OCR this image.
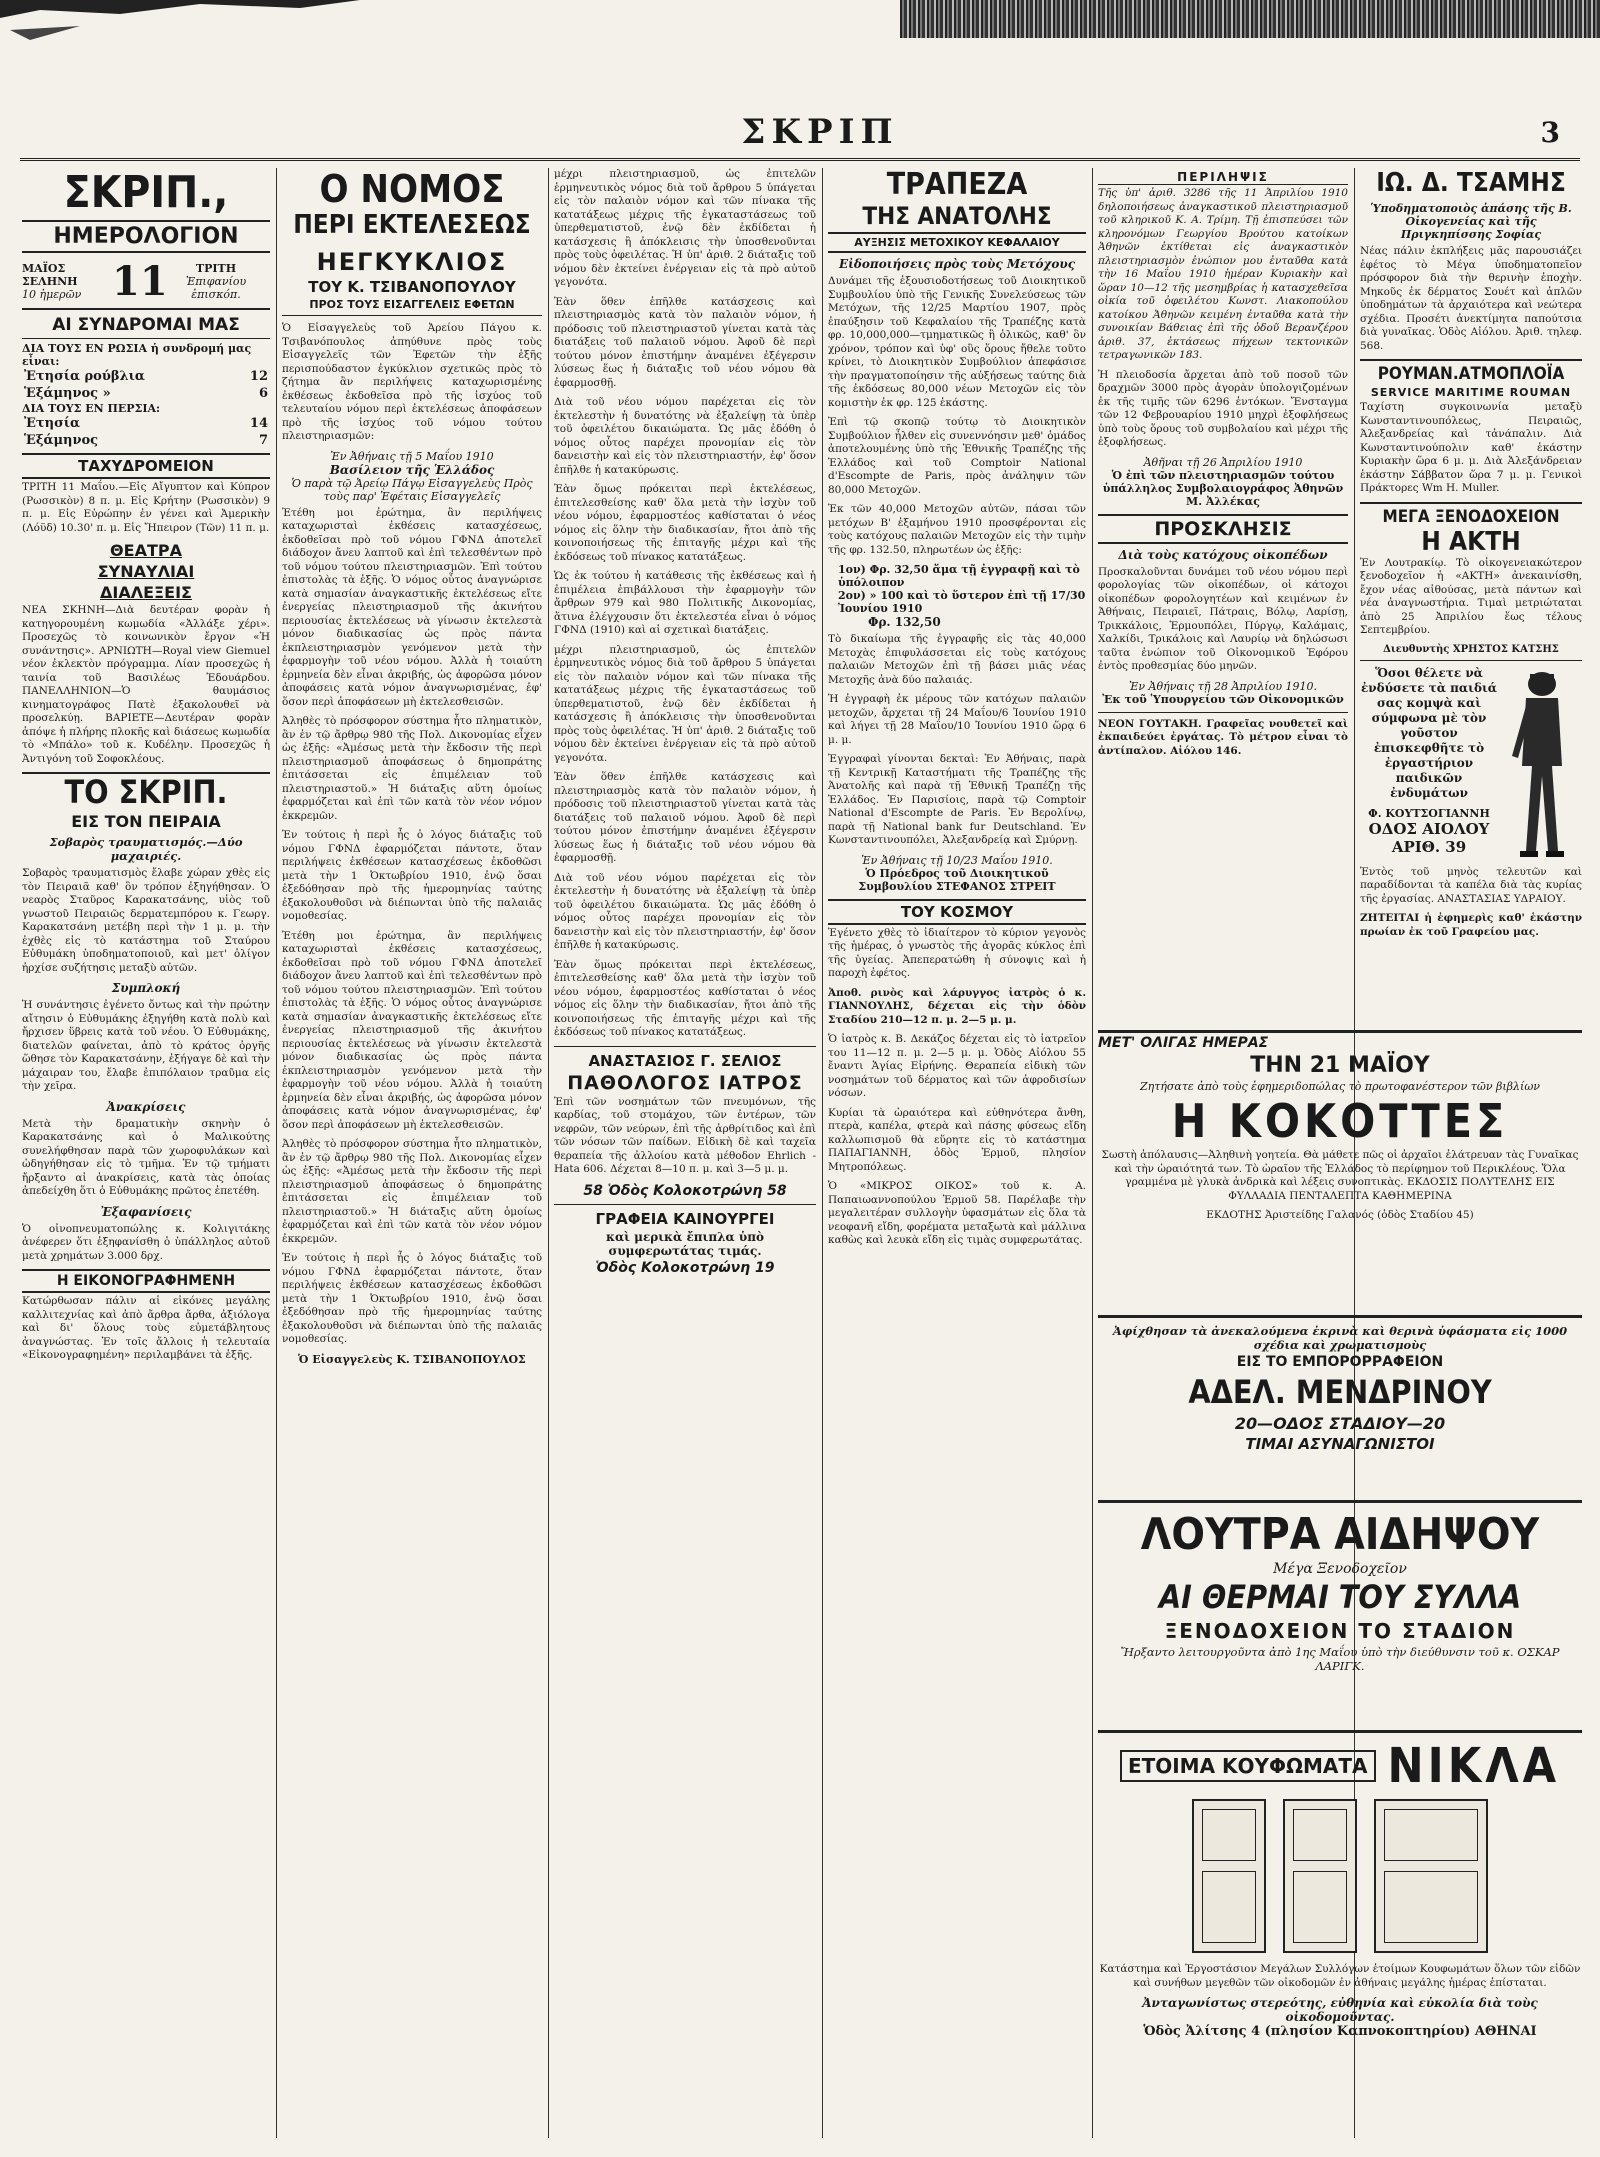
ΣΚΡΙΠ	3
ΣΚΡΙΠ.,
ΗΜΕΡΟΛΟΓΙΟΝ
ΜΑΪΟΣ
ΣΕΛΗΝΗ
10 ἡμερῶν 11	ΤΡΙΤΗ
Ἐπιφανίου ἐπισκόπ.
ΑΙ ΣΥΝΔΡΟΜΑΙ ΜΑΣ
ΔΙΑ ΤΟΥΣ ΕΝ ΡΩΣΙΑ ἡ συνδρομή μας εἶναι:
Ἐτησία ρούβλια	12
Ἑξάμηνος »	6
ΔΙΑ ΤΟΥΣ ΕΝ ΠΕΡΣΙΑ:
Ἐτησία	14
Ἑξάμηνος	7
ΤΑΧΥΔΡΟΜΕΙΟΝ

ΤΡΙΤΗ 11 Μαΐου.—Εἰς Αἴγυπτον καὶ Κύπρον (Ρωσσικὸν) 8 π. μ. Εἰς Κρήτην (Ρωσσικὸν) 9 π. μ. Εἰς Εὐρώπην ἐν γένει καὶ Ἀμερικὴν (Λόϋδ) 10.30' π. μ. Εἰς Ἤπειρον (Τῶν) 11 π. μ.

ΘΕΑΤΡΑ
ΣΥΝΑΥΛΙΑΙ
ΔΙΑΛΕΞΕΙΣ

ΝΕΑ ΣΚΗΝΗ—Διὰ δευτέραν φορὰν ἡ κατηγορουμένη κωμωδία «Ἀλλάξε χέρι». Προσεχῶς τὸ κοινωνικὸν ἔργον «Ἡ συνάντησις». ΑΡΝΙΩΤΗ—Royal view Giemuel νέον ἐκλεκτὸν πρόγραμμα. Λίαν προσεχῶς ἡ ταινία τοῦ Βασιλέως Ἐδουάρδου. ΠΑΝΕΛΛΗΝΙΟΝ—Ὁ θαυμάσιος κινηματογράφος Πατὲ ἐξακολουθεῖ νὰ προσελκύῃ. ΒΑΡΙΕΤΕ—Δευτέραν φορὰν ἀπόψε ἡ πλήρης πλοκῆς καὶ διάσεως κωμωδία τὸ «Μπάλο» τοῦ κ. Κυδέλην. Προσεχῶς ἡ Ἀντιγόνη τοῦ Σοφοκλέους.

ΤΟ ΣΚΡΙΠ.
ΕΙΣ ΤΟΝ ΠΕΙΡΑΙΑ
Σοβαρὸς τραυματισμός.—Δύο μαχαιριές.

Σοβαρὸς τραυματισμὸς ἔλαβε χώραν χθὲς εἰς τὸν Πειραιᾶ καθ' ὃν τρόπον ἐξηγήθησαν. Ὁ νεαρὸς Σταῦρος Καρακατσάνης, υἱὸς τοῦ γνωστοῦ Πειραιῶς δερματεμπόρου κ. Γεωργ. Καρακατσάνη μετέβη περὶ τὴν 1 μ. μ. τὴν ἐχθὲς εἰς τὸ κατάστημα τοῦ Σταύρου Εὐθυμάκη ὑποδηματοποιοῦ, καὶ μετ' ὀλίγον ἠρχίσε συζήτησις μεταξὺ αὐτῶν.

Συμπλοκή

Ἡ συνάντησις ἐγένετο ὄντως καὶ τὴν πρώτην αἴτησιν ὁ Εὐθυμάκης ἐξηγήθη κατὰ πολὺ καὶ ἤρχισεν ὕβρεις κατὰ τοῦ νέου. Ὁ Εὐθυμάκης, διατελῶν φαίνεται, ἀπὸ τὸ κράτος ὀργῆς ὥθησε τὸν Καρακατσάνην, ἐξήγαγε δὲ καὶ τὴν μάχαιραν του, ἔλαβε ἐπιπόλαιον τραῦμα εἰς τὴν χεῖρα.

Ἀνακρίσεις

Μετὰ τὴν δραματικὴν σκηνὴν ὁ Καρακατσάνης καὶ ὁ Μαλικούτης συνελήφθησαν παρὰ τῶν χωροφυλάκων καὶ ὡδηγήθησαν εἰς τὸ τμῆμα. Ἐν τῷ τμήματι ἤρξαντο αἱ ἀνακρίσεις, κατὰ τὰς ὁποίας ἀπεδείχθη ὅτι ὁ Εὐθυμάκης πρῶτος ἐπετέθη.

Ἐξαφανίσεις

Ὁ οἰνοπνευματοπώλης κ. Κολιγιτάκης ἀνέφερεν ὅτι ἐξηφανίσθη ὁ ὑπάλληλος αὐτοῦ μετὰ χρημάτων 3.000 δρχ.

Η ΕΙΚΟΝΟΓΡΑΦΗΜΕΝΗ

Κατώρθωσαν πάλιν αἱ εἰκόνες μεγάλης καλλιτεχνίας καὶ ἀπὸ ἄρθρα ἄρθα, ἀξιόλογα καὶ δι' ὅλους τοὺς εὐμετάβλητους ἀναγνώστας. Ἐν τοῖς ἄλλοις ἡ τελευταία «Εἰκονογραφημένη» περιλαμβάνει τὰ ἑξῆς.

Ο ΝΟΜΟΣ
ΠΕΡΙ ΕΚΤΕΛΕΣΕΩΣ
ΗΕΓΚΥΚΛΙΟΣ
ΤΟΥ Κ. ΤΣΙΒΑΝΟΠΟΥΛΟΥ
ΠΡΟΣ ΤΟΥΣ ΕΙΣΑΓΓΕΛΕΙΣ ΕΦΕΤΩΝ

Ὁ Εἰσαγγελεὺς τοῦ Ἀρείου Πάγου κ. Τσιβανόπουλος ἀπηύθυνε πρὸς τοὺς Εἰσαγγελεῖς τῶν Ἐφετῶν τὴν ἑξῆς περισπούδαστον ἐγκύκλιον σχετικῶς πρὸς τὸ ζήτημα ἂν περιλήψεις καταχωρισμένης ἐκθέσεως ἐκδοθεῖσα πρὸ τῆς ἰσχύος τοῦ τελευταίου νόμου περὶ ἐκτελέσεως ἀποφάσεων πρὸ τῆς ἰσχύος τοῦ νόμου τούτου πλειστηριασμῶν:

Ἐν Ἀθήναις τῇ 5 Μαΐου 1910
Βασίλειον τῆς Ἑλλάδος
Ὁ παρὰ τῷ Ἀρείῳ Πάγῳ Εἰσαγγελεὺς Πρὸς τοὺς παρ' Ἐφέταις Εἰσαγγελεῖς

Ἐτέθη μοι ἐρώτημα, ἂν περιλήψεις καταχωρισταὶ ἐκθέσεις κατασχέσεως, ἐκδοθεῖσαι πρὸ τοῦ νόμου ΓΦΝΔ ἀποτελεῖ διάδοχον ἄνευ λαπτοῦ καὶ ἐπὶ τελεσθέντων πρὸ τοῦ νόμου τούτου πλειστηριασμῶν. Ἐπὶ τούτου ἐπιστολὰς τὰ ἑξῆς. Ὁ νόμος οὗτος ἀναγνώρισε κατὰ σημασίαν ἀναγκαστικῆς ἐκτελέσεως εἴτε ἐνεργείας πλειστηριασμοῦ τῆς ἀκινήτου περιουσίας ἐκτελέσεως νὰ γίνωσιν ἐκτελεστὰ μόνον διαδικασίας ὡς πρὸς πάντα ἐκπλειστηριασμὸν γενόμενον μετὰ τὴν ἐφαρμογὴν τοῦ νέου νόμου. Ἀλλὰ ἡ τοιαύτη ἑρμηνεία δὲν εἶναι ἀκριβής, ὡς ἀφορῶσα μόνον ἀποφάσεις κατὰ νόμον ἀναγνωρισμένας, ἐφ' ὅσον περὶ ἀποφάσεων μὴ ἐκτελεσθεισῶν.

Ἀληθὲς τὸ πρόσφορον σύστημα ἦτο πληματικὸν, ἂν ἐν τῷ ἄρθρῳ 980 τῆς Πολ. Δικονομίας εἶχεν ὡς ἑξῆς: «Ἀμέσως μετὰ τὴν ἔκδοσιν τῆς περὶ πλειστηριασμοῦ ἀποφάσεως ὁ δημοπράτης ἐπιτάσσεται εἰς ἐπιμέλειαν τοῦ πλειστηριαστοῦ.» Ἡ διάταξις αὕτη ὁμοίως ἐφαρμόζεται καὶ ἐπὶ τῶν κατὰ τὸν νέον νόμον ἐκκρεμῶν.

Ἐν τούτοις ἡ περὶ ἧς ὁ λόγος διάταξις τοῦ νόμου ΓΦΝΔ ἐφαρμόζεται πάντοτε, ὅταν περιλήψεις ἐκθέσεων κατασχέσεως ἐκδοθῶσι μετὰ τὴν 1 Ὀκτωβρίου 1910, ἐνῷ ὅσαι ἐξεδόθησαν πρὸ τῆς ἡμερομηνίας ταύτης ἐξακολουθοῦσι νὰ διέπωνται ὑπὸ τῆς παλαιᾶς νομοθεσίας.

Ἐτέθη μοι ἐρώτημα, ἂν περιλήψεις καταχωρισταὶ ἐκθέσεις κατασχέσεως, ἐκδοθεῖσαι πρὸ τοῦ νόμου ΓΦΝΔ ἀποτελεῖ διάδοχον ἄνευ λαπτοῦ καὶ ἐπὶ τελεσθέντων πρὸ τοῦ νόμου τούτου πλειστηριασμῶν. Ἐπὶ τούτου ἐπιστολὰς τὰ ἑξῆς. Ὁ νόμος οὗτος ἀναγνώρισε κατὰ σημασίαν ἀναγκαστικῆς ἐκτελέσεως εἴτε ἐνεργείας πλειστηριασμοῦ τῆς ἀκινήτου περιουσίας ἐκτελέσεως νὰ γίνωσιν ἐκτελεστὰ μόνον διαδικασίας ὡς πρὸς πάντα ἐκπλειστηριασμὸν γενόμενον μετὰ τὴν ἐφαρμογὴν τοῦ νέου νόμου. Ἀλλὰ ἡ τοιαύτη ἑρμηνεία δὲν εἶναι ἀκριβής, ὡς ἀφορῶσα μόνον ἀποφάσεις κατὰ νόμον ἀναγνωρισμένας, ἐφ' ὅσον περὶ ἀποφάσεων μὴ ἐκτελεσθεισῶν.

Ἀληθὲς τὸ πρόσφορον σύστημα ἦτο πληματικὸν, ἂν ἐν τῷ ἄρθρῳ 980 τῆς Πολ. Δικονομίας εἶχεν ὡς ἑξῆς: «Ἀμέσως μετὰ τὴν ἔκδοσιν τῆς περὶ πλειστηριασμοῦ ἀποφάσεως ὁ δημοπράτης ἐπιτάσσεται εἰς ἐπιμέλειαν τοῦ πλειστηριαστοῦ.» Ἡ διάταξις αὕτη ὁμοίως ἐφαρμόζεται καὶ ἐπὶ τῶν κατὰ τὸν νέον νόμον ἐκκρεμῶν.

Ἐν τούτοις ἡ περὶ ἧς ὁ λόγος διάταξις τοῦ νόμου ΓΦΝΔ ἐφαρμόζεται πάντοτε, ὅταν περιλήψεις ἐκθέσεων κατασχέσεως ἐκδοθῶσι μετὰ τὴν 1 Ὀκτωβρίου 1910, ἐνῷ ὅσαι ἐξεδόθησαν πρὸ τῆς ἡμερομηνίας ταύτης ἐξακολουθοῦσι νὰ διέπωνται ὑπὸ τῆς παλαιᾶς νομοθεσίας.

Ὁ Εἰσαγγελεὺς Κ. ΤΣΙΒΑΝΟΠΟΥΛΟΣ

μέχρι πλειστηριασμοῦ, ὡς ἐπιτελῶν ἑρμηνευτικὸς νόμος διὰ τοῦ ἄρθρου 5 ὑπάγεται εἰς τὸν παλαιὸν νόμον καὶ τῶν πίνακα τῆς κατατάξεως μέχρις τῆς ἐγκαταστάσεως τοῦ ὑπερθεματιστοῦ, ἐνῷ δὲν ἐκδίδεται ἡ κατάσχεσις ἢ ἀπόκλεισις τὴν ὑποσθενοῦνται πρὸς τοὺς ὀφειλέτας. Ἡ ὑπ' ἀριθ. 2 διάταξις τοῦ νόμου δὲν ἐκτείνει ἐνέργειαν εἰς τὰ πρὸ αὐτοῦ γεγονότα.

Ἐὰν ὅθεν ἐπῆλθε κατάσχεσις καὶ πλειστηριασμὸς κατὰ τὸν παλαιὸν νόμον, ἡ πρόδοσις τοῦ πλειστηριαστοῦ γίνεται κατὰ τὰς διατάξεις τοῦ παλαιοῦ νόμου. Ἀφοῦ δὲ περὶ τούτου μόνον ἐπιστήμην ἀναμένει ἐξέγερσιν λύσεως ἕως ἡ διάταξις τοῦ νέου νόμου θὰ ἐφαρμοσθῇ.

Διὰ τοῦ νέου νόμου παρέχεται εἰς τὸν ἐκτελεστὴν ἡ δυνατότης νὰ ἐξαλείψῃ τὰ ὑπὲρ τοῦ ὀφειλέτου δικαιώματα. Ὡς μᾶς ἐδόθη ὁ νόμος οὗτος παρέχει προνομίαν εἰς τὸν δανειστὴν καὶ εἰς τὸν πλειστηριαστήν, ἐφ' ὅσον ἐπῆλθε ἡ κατακύρωσις.

Ἐὰν ὅμως πρόκειται περὶ ἐκτελέσεως, ἐπιτελεσθείσης καθ' ὅλα μετὰ τὴν ἰσχὺν τοῦ νέου νόμου, ἐφαρμοστέος καθίσταται ὁ νέος νόμος εἰς ὅλην τὴν διαδικασίαν, ἤτοι ἀπὸ τῆς κοινοποιήσεως τῆς ἐπιταγῆς μέχρι καὶ τῆς ἐκδόσεως τοῦ πίνακος κατατάξεως.

Ὡς ἐκ τούτου ἡ κατάθεσις τῆς ἐκθέσεως καὶ ἡ ἐπιμέλεια ἐπιβάλλουσι τὴν ἐφαρμογὴν τῶν ἄρθρων 979 καὶ 980 Πολιτικῆς Δικονομίας, ἅτινα ἐλέγχουσιν ὅτι ἐκτελεστέα εἶναι ὁ νόμος ΓΦΝΔ (1910) καὶ αἱ σχετικαὶ διατάξεις.

μέχρι πλειστηριασμοῦ, ὡς ἐπιτελῶν ἑρμηνευτικὸς νόμος διὰ τοῦ ἄρθρου 5 ὑπάγεται εἰς τὸν παλαιὸν νόμον καὶ τῶν πίνακα τῆς κατατάξεως μέχρις τῆς ἐγκαταστάσεως τοῦ ὑπερθεματιστοῦ, ἐνῷ δὲν ἐκδίδεται ἡ κατάσχεσις ἢ ἀπόκλεισις τὴν ὑποσθενοῦνται πρὸς τοὺς ὀφειλέτας. Ἡ ὑπ' ἀριθ. 2 διάταξις τοῦ νόμου δὲν ἐκτείνει ἐνέργειαν εἰς τὰ πρὸ αὐτοῦ γεγονότα.

Ἐὰν ὅθεν ἐπῆλθε κατάσχεσις καὶ πλειστηριασμὸς κατὰ τὸν παλαιὸν νόμον, ἡ πρόδοσις τοῦ πλειστηριαστοῦ γίνεται κατὰ τὰς διατάξεις τοῦ παλαιοῦ νόμου. Ἀφοῦ δὲ περὶ τούτου μόνον ἐπιστήμην ἀναμένει ἐξέγερσιν λύσεως ἕως ἡ διάταξις τοῦ νέου νόμου θὰ ἐφαρμοσθῇ.

Διὰ τοῦ νέου νόμου παρέχεται εἰς τὸν ἐκτελεστὴν ἡ δυνατότης νὰ ἐξαλείψῃ τὰ ὑπὲρ τοῦ ὀφειλέτου δικαιώματα. Ὡς μᾶς ἐδόθη ὁ νόμος οὗτος παρέχει προνομίαν εἰς τὸν δανειστὴν καὶ εἰς τὸν πλειστηριαστήν, ἐφ' ὅσον ἐπῆλθε ἡ κατακύρωσις.

Ἐὰν ὅμως πρόκειται περὶ ἐκτελέσεως, ἐπιτελεσθείσης καθ' ὅλα μετὰ τὴν ἰσχὺν τοῦ νέου νόμου, ἐφαρμοστέος καθίσταται ὁ νέος νόμος εἰς ὅλην τὴν διαδικασίαν, ἤτοι ἀπὸ τῆς κοινοποιήσεως τῆς ἐπιταγῆς μέχρι καὶ τῆς ἐκδόσεως τοῦ πίνακος κατατάξεως.

ΑΝΑΣΤΑΣΙΟΣ Γ. ΣΕΛΙΟΣ
ΠΑΘΟΛΟΓΟΣ ΙΑΤΡΟΣ

Ἐπὶ τῶν νοσημάτων τῶν πνευμόνων, τῆς καρδίας, τοῦ στομάχου, τῶν ἐντέρων, τῶν νεφρῶν, τῶν νεύρων, ἐπὶ τῆς ἀρθρίτιδος καὶ ἐπὶ τῶν νόσων τῶν παίδων. Εἰδικὴ δὲ καὶ ταχεῖα θεραπεία τῆς ἀλλοίου κατὰ μέθοδον Ehrlich - Hata 606. Δέχεται 8—10 π. μ. καὶ 3—5 μ. μ.

58 Ὁδὸς Κολοκοτρώνη 58
ΓΡΑΦΕΙΑ ΚΑΙΝΟΥΡΓΕΙ
καὶ μερικὰ ἔπιπλα ὑπὸ συμφερωτάτας τιμάς.
Ὁδὸς Κολοκοτρώνη 19
ΤΡΑΠΕΖΑ
ΤΗΣ ΑΝΑΤΟΛΗΣ
ΑΥΞΗΣΙΣ ΜΕΤΟΧΙΚΟΥ ΚΕΦΑΛΑΙΟΥ
Εἰδοποιήσεις πρὸς τοὺς Μετόχους

Δυνάμει τῆς ἐξουσιοδοτήσεως τοῦ Διοικητικοῦ Συμβουλίου ὑπὸ τῆς Γενικῆς Συνελεύσεως τῶν Μετόχων, τῆς 12/25 Μαρτίου 1907, πρὸς ἐπαύξησιν τοῦ Κεφαλαίου τῆς Τραπέζης κατὰ φρ. 10,000,000—τμηματικῶς ἢ ὁλικῶς, καθ' ὃν χρόνον, τρόπον καὶ ὑφ' οὓς ὅρους ἤθελε τοῦτο κρίνει, τὸ Διοικητικὸν Συμβούλιον ἀπεφάσισε τὴν πραγματοποίησιν τῆς αὐξήσεως ταύτης διὰ τῆς ἐκδόσεως 80,000 νέων Μετοχῶν εἰς τὸν κομιστὴν ἐκ φρ. 125 ἑκάστης.

Ἐπὶ τῷ σκοπῷ τούτῳ τὸ Διοικητικὸν Συμβούλιον ἦλθεν εἰς συνεννόησιν μεθ' ὁμάδος ἀποτελουμένης ὑπὸ τῆς Ἐθνικῆς Τραπέζης τῆς Ἑλλάδος καὶ τοῦ Comptoir National d'Escompte de Paris, πρὸς ἀνάληψιν τῶν 80,000 Μετοχῶν.

Ἐκ τῶν 40,000 Μετοχῶν αὐτῶν, πάσαι τῶν μετόχων Β' ἐξαμήνου 1910 προσφέρονται εἰς τοὺς κατόχους παλαιῶν Μετοχῶν εἰς τὴν τιμὴν τῆς φρ. 132.50, πληρωτέων ὡς ἑξῆς:

1ον) Φρ. 32,50 ἅμα τῇ ἐγγραφῇ καὶ τὸ ὑπόλοιπον
2ον) » 100 καὶ τὸ ὕστερον ἐπὶ τῇ 17/30 Ἰουνίου 1910
Φρ. 132,50

Τὸ δικαίωμα τῆς ἐγγραφῆς εἰς τὰς 40,000 Μετοχὰς ἐπιφυλάσσεται εἰς τοὺς κατόχους παλαιῶν Μετοχῶν ἐπὶ τῇ βάσει μιᾶς νέας Μετοχῆς ἀνὰ δύο παλαιάς.

Ἡ ἐγγραφὴ ἐκ μέρους τῶν κατόχων παλαιῶν μετοχῶν, ἄρχεται τῇ 24 Μαΐου/6 Ἰουνίου 1910 καὶ λήγει τῇ 28 Μαΐου/10 Ἰουνίου 1910 ὥρᾳ 6 μ. μ.

Ἐγγραφαὶ γίνονται δεκταὶ: Ἐν Ἀθήναις, παρὰ τῇ Κεντρικῇ Καταστήματι τῆς Τραπέζης τῆς Ἀνατολῆς καὶ παρὰ τῇ Ἐθνικῇ Τραπέζῃ τῆς Ἑλλάδος. Ἐν Παρισίοις, παρὰ τῷ Comptoir National d'Escompte de Paris. Ἐν Βερολίνῳ, παρὰ τῇ National bank fur Deutschland. Ἐν Κωνσταντινουπόλει, Ἀλεξανδρείᾳ καὶ Σμύρνῃ.

Ἐν Ἀθήναις τῇ 10/23 Μαΐου 1910.
Ὁ Πρόεδρος τοῦ Διοικητικοῦ Συμβουλίου ΣΤΕΦΑΝΟΣ ΣΤΡΕΙΤ
ΤΟΥ ΚΟΣΜΟΥ

Ἐγένετο χθὲς τὸ ἰδιαίτερον τὸ κύριον γεγονὸς τῆς ἡμέρας, ὁ γνωστὸς τῆς ἀγορᾶς κύκλος ἐπὶ τῆς ὑγείας. Ἀπεπερατώθη ἡ σύνοψις καὶ ἡ παροχὴ ἐφέτος.

Ἀποθ. ρινὸς καὶ λάρυγγος ἰατρὸς ὁ κ. ΓΙΑΝΝΟΥΛΗΣ, δέχεται εἰς τὴν ὁδὸν Σταδίου 210—12 π. μ. 2—5 μ. μ.

Ὁ ἰατρὸς κ. Β. Δεκάζος δέχεται εἰς τὸ ἰατρεῖον του 11—12 π. μ. 2—5 μ. μ. Ὁδὸς Αἰόλου 55 ἔναντι Ἁγίας Εἰρήνης. Θεραπεία εἰδικὴ τῶν νοσημάτων τοῦ δέρματος καὶ τῶν ἀφροδισίων νόσων.

Κυρίαι τὰ ὡραιότερα καὶ εὐθηνότερα ἄνθη, πτερὰ, καπέλα, φτερὰ καὶ πάσης φύσεως εἴδη καλλωπισμοῦ θὰ εὕρητε εἰς τὸ κατάστημα ΠΑΠΑΓΙΑΝΝΗ, ὁδὸς Ἑρμοῦ, πλησίον Μητροπόλεως.

Ὁ «ΜΙΚΡΟΣ ΟΙΚΟΣ» τοῦ κ. Α. Παπαιωαννοπούλου Ἑρμοῦ 58. Παρέλαβε τὴν μεγαλειτέραν συλλογὴν ὑφασμάτων εἰς ὅλα τὰ νεοφανῆ εἴδη, φορέματα μεταξωτὰ καὶ μάλλινα καθὼς καὶ λευκὰ εἴδη εἰς τιμὰς συμφερωτάτας.

ΠΕΡΙΛΗΨΙΣ

Τῆς ὑπ' ἀριθ. 3286 τῆς 11 Ἀπριλίου 1910 δηλοποιήσεως ἀναγκαστικοῦ πλειστηριασμοῦ τοῦ κληρικοῦ Κ. Α. Τρίμη. Τῇ ἐπισπεύσει τῶν κληρονόμων Γεωργίου Βρούτου κατοίκων Ἀθηνῶν ἐκτίθεται εἰς ἀναγκαστικὸν πλειστηριασμὸν ἐνώπιον μου ἐνταῦθα κατὰ τὴν 16 Μαΐου 1910 ἡμέραν Κυριακὴν καὶ ὥραν 10—12 τῆς μεσημβρίας ἡ κατασχεθεῖσα οἰκία τοῦ ὀφειλέτου Κωνστ. Λιακοπούλου κατοίκου Ἀθηνῶν κειμένη ἐνταῦθα κατὰ τὴν συνοικίαν Βάθειας ἐπὶ τῆς ὁδοῦ Βερανζέρου ἀριθ. 37, ἐκτάσεως πήχεων τεκτονικῶν τετραγωνικῶν 183.

Ἡ πλειοδοσία ἄρχεται ἀπὸ τοῦ ποσοῦ τῶν δραχμῶν 3000 πρὸς ἀγορὰν ὑπολογιζομένων ἐκ τῆς τιμῆς τῶν 6296 ἐντόκων. Ἔνσταγμα τῶν 12 Φεβρουαρίου 1910 μηχρὶ ἐξοφλήσεως ὑπὸ τοὺς ὅρους τοῦ συμβολαίου καὶ μέχρι τῆς ἐξοφλήσεως.

Ἀθῆναι τῇ 26 Ἀπριλίου 1910
Ὁ ἐπὶ τῶν πλειστηριασμῶν τούτου ὑπάλληλος Συμβολαιογράφος Ἀθηνῶν Μ. Ἀλλέκας
ΠΡΟΣΚΛΗΣΙΣ
Διὰ τοὺς κατόχους οἰκοπέδων

Προσκαλοῦνται δυνάμει τοῦ νέου νόμου περὶ φορολογίας τῶν οἰκοπέδων, οἱ κάτοχοι οἰκοπέδων φορολογητέων καὶ κειμένων ἐν Ἀθήναις, Πειραιεῖ, Πάτραις, Βόλῳ, Λαρίσῃ, Τρικκάλοις, Ἑρμουπόλει, Πύργῳ, Καλάμαις, Χαλκίδι, Τρικάλοις καὶ Λαυρίῳ νὰ δηλώσωσι ταῦτα ἐνώπιον τοῦ Οἰκονομικοῦ Ἐφόρου ἐντὸς προθεσμίας δύο μηνῶν.

Ἐν Ἀθήναις τῇ 28 Ἀπριλίου 1910.
Ἐκ τοῦ Ὑπουργείου τῶν Οἰκονομικῶν

ΝΕΟΝ ΓΟΥΤΑΚΗ. Γραφεῖας νουθετεῖ καὶ ἐκπαιδεύει ἐργάτας. Τὸ μέτρον εἶναι τὸ ἀντίπαλον. Αἰόλου 146.

ΙΩ. Δ. ΤΣΑΜΗΣ
Ὑποδηματοποιὸς ἁπάσης τῆς Β. Οἰκογενείας καὶ τῆς Πριγκηπίσσης Σοφίας

Νέας πάλιν ἐκπλήξεις μᾶς παρουσιάζει ἐφέτος τὸ Μέγα ὑποδηματοπεῖον πρόσφορον διὰ τὴν θερινὴν ἐποχὴν. Μηκοῦς ἐκ δέρματος Σουέτ καὶ ἁπλῶν ὑποδημάτων τὰ ἀρχαιότερα καὶ νεώτερα σχέδια. Προσέτι ἀνεκτίμητα παπούτσια διὰ γυναῖκας. Ὁδὸς Αἰόλου. Ἀριθ. τηλεφ. 568.

ΡΟΥΜΑΝ.ΑΤΜΟΠΛΟΪΑ
SERVICE MARITIME ROUMAN

Ταχίστη συγκοινωνία μεταξὺ Κωνσταντινουπόλεως, Πειραιῶς, Ἀλεξανδρείας καὶ τἀνάπαλιν. Διὰ Κωνσταντινούπολιν καθ' ἑκάστην Κυριακὴν ὥρα 6 μ. μ. Διὰ Ἀλεξάνδρειαν ἑκάστην Σάββατον ὥρα 7 μ. μ. Γενικοὶ Πράκτορες Wm H. Muller.

ΜΕΓΑ ΞΕΝΟΔΟΧΕΙΟΝ
Η ΑΚΤΗ

Ἐν Λουτρακίῳ. Τὸ οἰκογενειακώτερον ξενοδοχεῖον ἡ «ΑΚΤΗ» ἀνεκαινίσθη, ἔχον νέας αἰθούσας, μετὰ πάντων καὶ νέα ἀναγνωστήρια. Τιμαὶ μετριώταται ἀπὸ 25 Ἀπριλίου ἕως τέλους Σεπτεμβρίου.

Διευθυντὴς ΧΡΗΣΤΟΣ ΚΑΤΣΗΣ

Ὅσοι θέλετε νὰ ἐνδύσετε τὰ παιδιά σας κομψὰ καὶ σύμφωνα μὲ τὸν γοῦστον ἐπισκεφθῆτε τὸ ἐργαστήριον παιδικῶν ἐνδυμάτων

Φ. ΚΟΥΤΣΟΓΙΑΝΝΗ
ΟΔΟΣ ΑΙΟΛΟΥ ΑΡΙΘ. 39

Ἐντὸς τοῦ μηνὸς τελευτῶν καὶ παραδίδονται τὰ καπέλα διὰ τὰς κυρίας τῆς ἐργασίας. ΑΝΑΣΤΑΣΙΑΣ ΥΔΡΑΙΟΥ.

ΖΗΤΕΙΤΑΙ ἡ ἐφημερὶς καθ' ἑκάστην πρωίαν ἐκ τοῦ Γραφείου μας.

ΜΕΤ' ΟΛΙΓΑΣ ΗΜΕΡΑΣ
ΤΗΝ 21 ΜΑΪΟΥ
Ζητήσατε ἀπὸ τοὺς ἐφημεριδοπώλας τὸ πρωτοφανέστερον τῶν βιβλίων
Η ΚΟΚΟΤΤΕΣ

Σωστὴ ἀπόλαυσις—Ἀληθινὴ γοητεία. Θὰ μάθετε πῶς οἱ ἀρχαῖοι ἐλάτρευαν τὰς Γυναῖκας καὶ τὴν ὡραιότητά των. Τὸ ὡραῖον τῆς Ἑλλάδος τὸ περίφημον τοῦ Περικλέους. Ὅλα γραμμένα μὲ γλυκὰ ἀνδρικὰ καὶ λέξεις συνοπτικὰς. ΕΚΔΟΣΙΣ ΠΟΛΥΤΕΛΗΣ ΕΙΣ ΦΥΛΛΑΔΙΑ ΠΕΝΤΑΛΕΠΤΑ ΚΑΘΗΜΕΡΙΝΑ

ΕΚΔΟΤΗΣ Ἀριστείδης Γαλανός (ὁδὸς Σταδίου 45)
Ἀφίχθησαν τὰ ἀνεκαλούμενα ἐκρινὰ καὶ θερινὰ ὑφάσματα εἰς 1000 σχέδια καὶ χρωματισμοὺς
ΕΙΣ ΤΟ ΕΜΠΟΡΟΡΡΑΦΕΙΟΝ
ΑΔΕΛ. ΜΕΝΔΡΙΝΟΥ
20—ΟΔΟΣ ΣΤΑΔΙΟΥ—20
ΤΙΜΑΙ ΑΣΥΝΑΓΩΝΙΣΤΟΙ
ΛΟΥΤΡΑ ΑΙΔΗΨΟΥ
Μέγα Ξενοδοχεῖον
ΑΙ ΘΕΡΜΑΙ ΤΟΥ ΣΥΛΛΑ
ΞΕΝΟΔΟΧΕΙΟΝ ΤΟ ΣΤΑΔΙΟΝ
Ἤρξαντο λειτουργοῦντα ἀπὸ 1ης Μαΐου ὑπὸ τὴν διεύθυνσιν τοῦ κ. ΟΣΚΑΡ ΛΑΡΙΓΚ.
ΕΤΟΙΜΑ ΚΟΥΦΩΜΑΤΑ ΝΙΚΛΑ

Κατάστημα καὶ Ἐργοστάσιον Μεγάλων Συλλόγων ἑτοίμων Κουφωμάτων ὅλων τῶν εἰδῶν καὶ συνήθων μεγεθῶν τῶν οἰκοδομῶν ἐν ἀθήναις μεγάλης ἡμέρας ἐπίσταται.

Ἀνταγωνίστως στερεότης, εὐθηνία καὶ εὐκολία διὰ τοὺς οἰκοδομοῦντας.
Ὁδὸς Ἀλίτσης 4 (πλησίον Καπνοκοπτηρίου) ΑΘΗΝΑΙ
